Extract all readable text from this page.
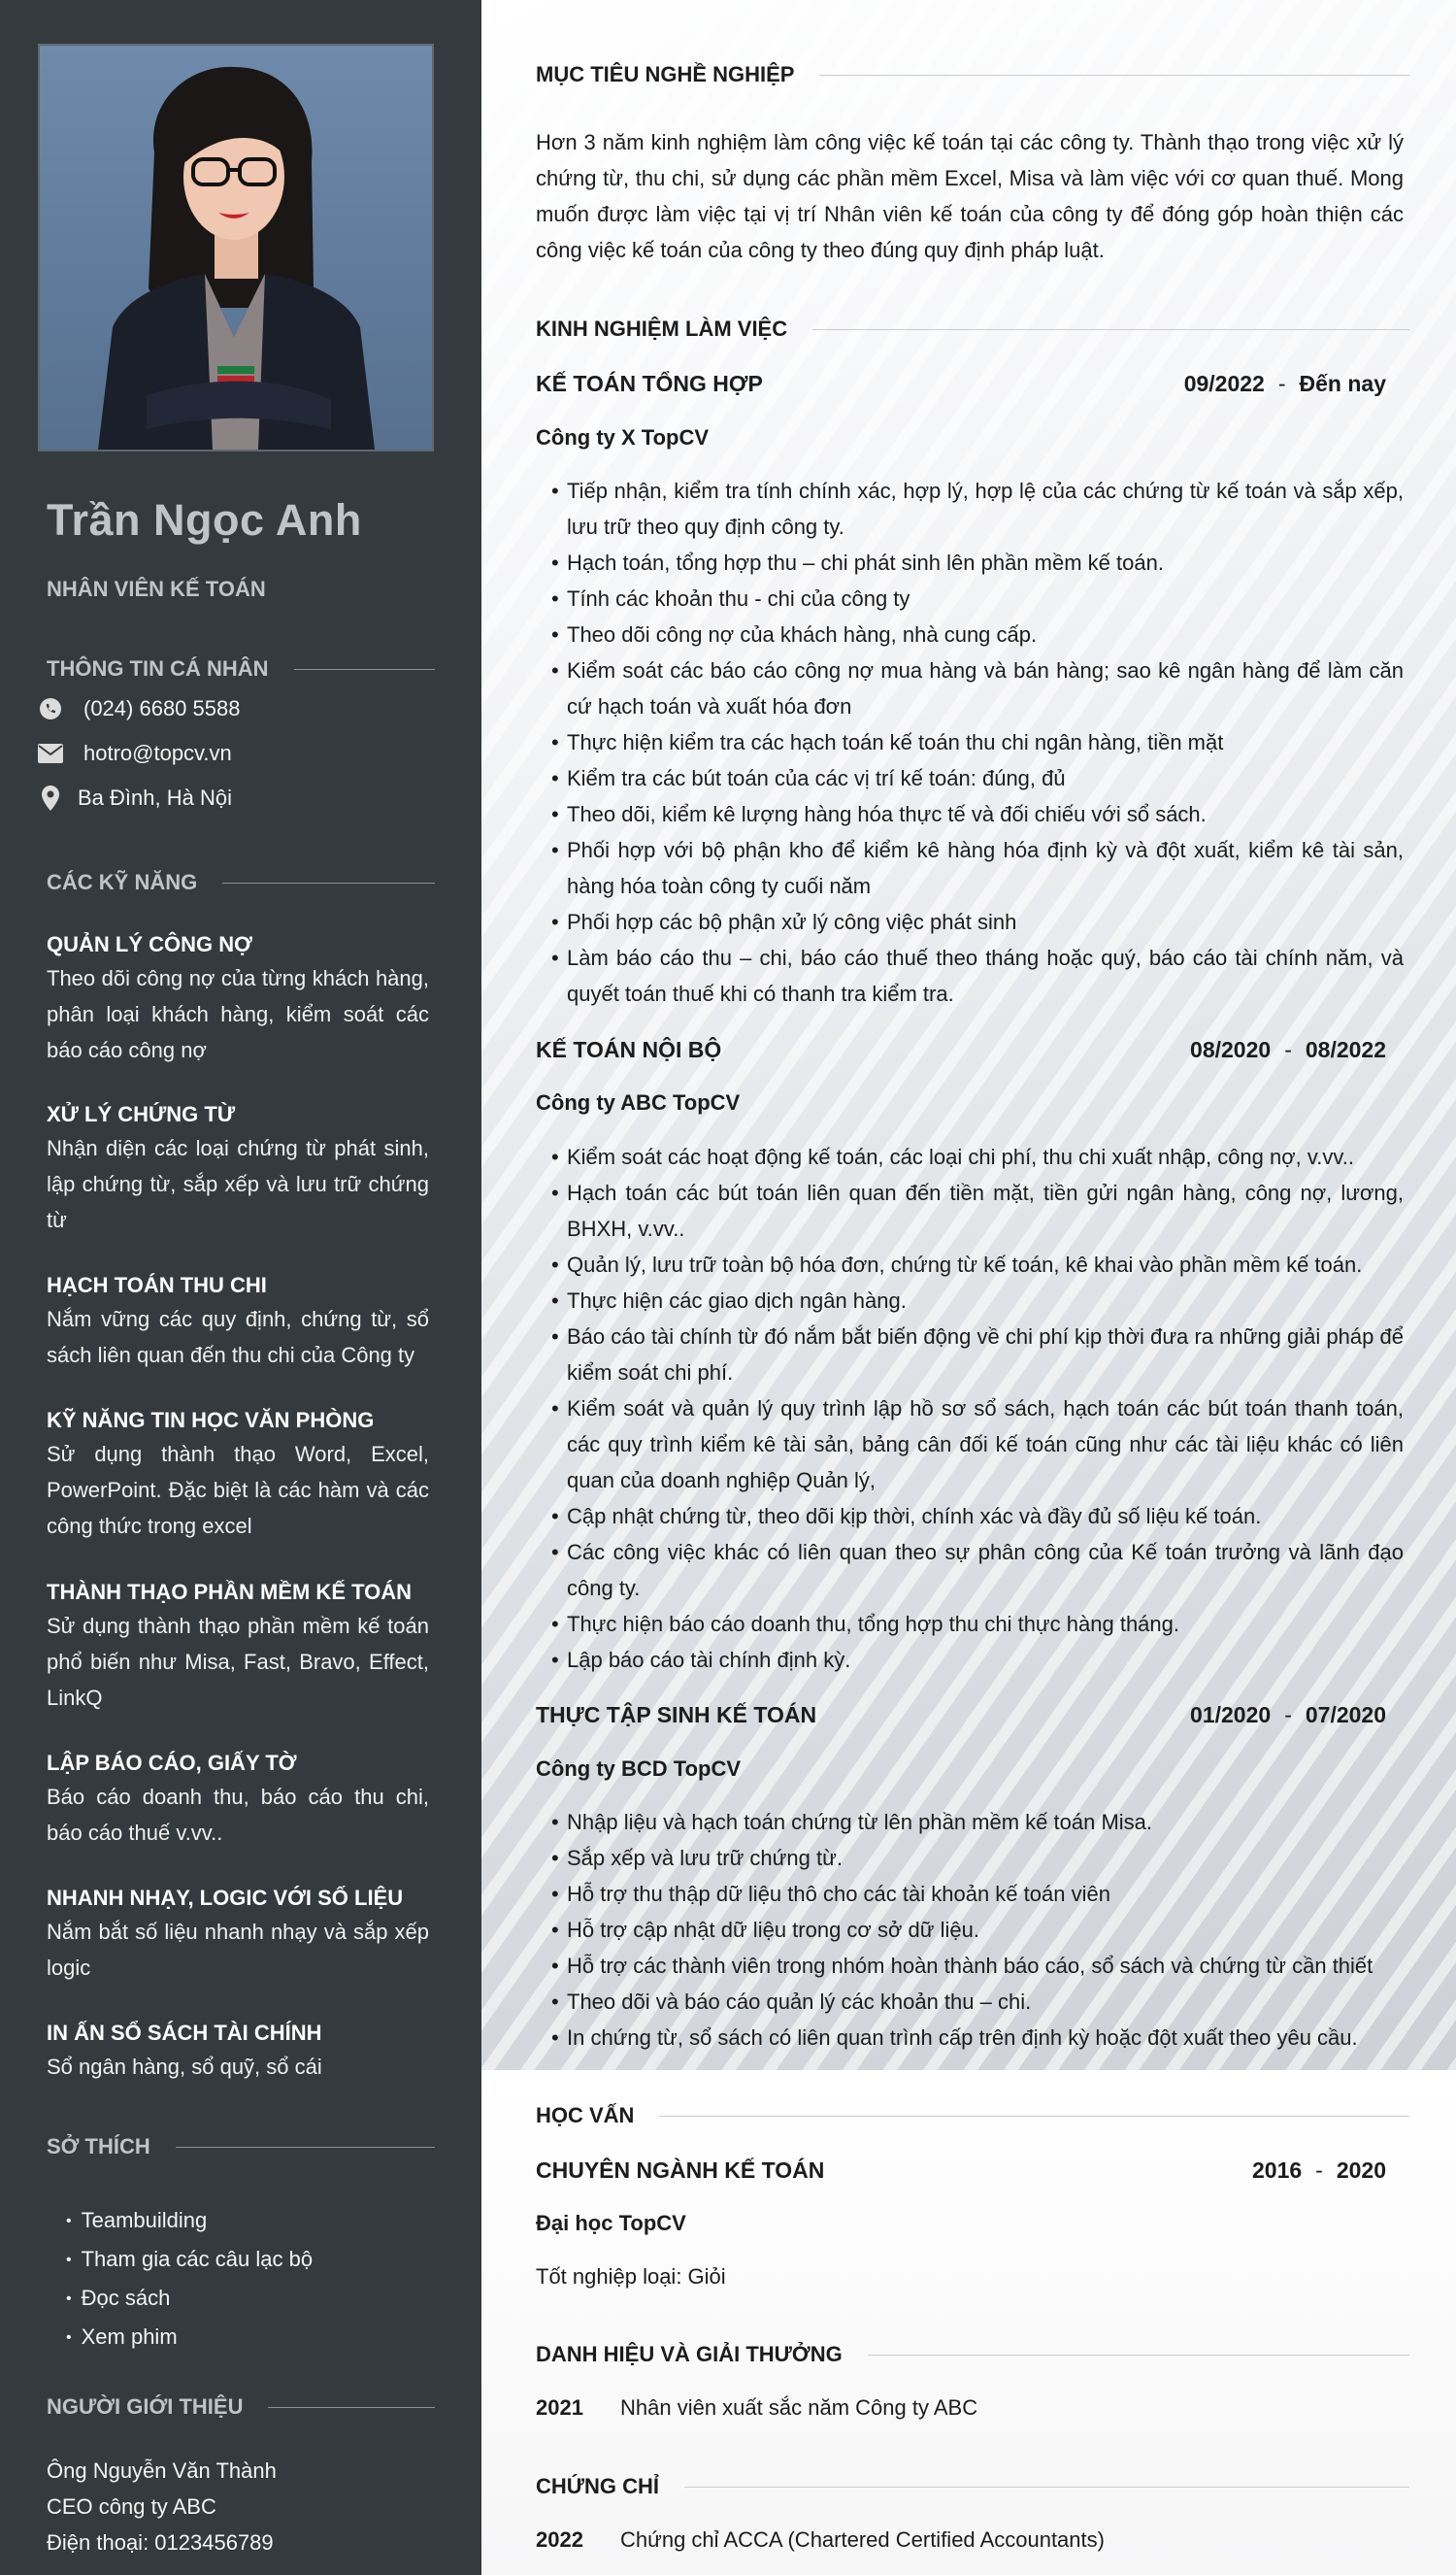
Trần Ngọc Anh
NHÂN VIÊN KẾ TOÁN
THÔNG TIN CÁ NHÂN
(024) 6680 5588
hotro@topcv.vn
Ba Đình, Hà Nội
CÁC KỸ NĂNG
QUẢN LÝ CÔNG NỢ
Theo dõi công nợ của từng khách hàng, phân loại khách hàng, kiểm soát các báo cáo công nợ
XỬ LÝ CHỨNG TỪ
Nhận diện các loại chứng từ phát sinh, lập chứng từ, sắp xếp và lưu trữ chứng từ
HẠCH TOÁN THU CHI
Nắm vững các quy định, chứng từ, sổ sách liên quan đến thu chi của Công ty
KỸ NĂNG TIN HỌC VĂN PHÒNG
Sử dụng thành thạo Word, Excel, PowerPoint. Đặc biệt là các hàm và các công thức trong excel
THÀNH THẠO PHẦN MỀM KẾ TOÁN
Sử dụng thành thạo phần mềm kế toán phổ biến như Misa, Fast, Bravo, Effect, LinkQ
LẬP BÁO CÁO, GIẤY TỜ
Báo cáo doanh thu, báo cáo thu chi, báo cáo thuế v.vv..
NHANH NHẠY, LOGIC VỚI SỐ LIỆU
Nắm bắt số liệu nhanh nhạy và sắp xếp logic
IN ẤN SỔ SÁCH TÀI CHÍNH
Sổ ngân hàng, sổ quỹ, sổ cái
SỞ THÍCH
• Teambuilding
• Tham gia các câu lạc bộ
• Đọc sách
• Xem phim
NGƯỜI GIỚI THIỆU
Ông Nguyễn Văn Thành
CEO công ty ABC
Điện thoại: 0123456789
MỤC TIÊU NGHỀ NGHIỆP
Hơn 3 năm kinh nghiệm làm công việc kế toán tại các công ty. Thành thạo trong việc xử lý chứng từ, thu chi, sử dụng các phần mềm Excel, Misa và làm việc với cơ quan thuế. Mong muốn được làm việc tại vị trí Nhân viên kế toán của công ty để đóng góp hoàn thiện các công việc kế toán của công ty theo đúng quy định pháp luật.
KINH NGHIỆM LÀM VIỆC
KẾ TOÁN TỔNG HỢP	09/2022 - Đến nay
Công ty X TopCV
• Tiếp nhận, kiểm tra tính chính xác, hợp lý, hợp lệ của các chứng từ kế toán và sắp xếp, lưu trữ theo quy định công ty.
• Hạch toán, tổng hợp thu – chi phát sinh lên phần mềm kế toán.
• Tính các khoản thu - chi của công ty
• Theo dõi công nợ của khách hàng, nhà cung cấp.
• Kiểm soát các báo cáo công nợ mua hàng và bán hàng; sao kê ngân hàng để làm căn cứ hạch toán và xuất hóa đơn
• Thực hiện kiểm tra các hạch toán kế toán thu chi ngân hàng, tiền mặt
• Kiểm tra các bút toán của các vị trí kế toán: đúng, đủ
• Theo dõi, kiểm kê lượng hàng hóa thực tế và đối chiếu với sổ sách.
• Phối hợp với bộ phận kho để kiểm kê hàng hóa định kỳ và đột xuất, kiểm kê tài sản, hàng hóa toàn công ty cuối năm
• Phối hợp các bộ phận xử lý công việc phát sinh
• Làm báo cáo thu – chi, báo cáo thuế theo tháng hoặc quý, báo cáo tài chính năm, và quyết toán thuế khi có thanh tra kiểm tra.
KẾ TOÁN NỘI BỘ	08/2020 - 08/2022
Công ty ABC TopCV
• Kiểm soát các hoạt động kế toán, các loại chi phí, thu chi xuất nhập, công nợ, v.vv..
• Hạch toán các bút toán liên quan đến tiền mặt, tiền gửi ngân hàng, công nợ, lương, BHXH, v.vv..
• Quản lý, lưu trữ toàn bộ hóa đơn, chứng từ kế toán, kê khai vào phần mềm kế toán.
• Thực hiện các giao dịch ngân hàng.
• Báo cáo tài chính từ đó nắm bắt biến động về chi phí kịp thời đưa ra những giải pháp để kiểm soát chi phí.
• Kiểm soát và quản lý quy trình lập hồ sơ sổ sách, hạch toán các bút toán thanh toán, các quy trình kiểm kê tài sản, bảng cân đối kế toán cũng như các tài liệu khác có liên quan của doanh nghiệp Quản lý,
• Cập nhật chứng từ, theo dõi kịp thời, chính xác và đầy đủ số liệu kế toán.
• Các công việc khác có liên quan theo sự phân công của Kế toán trưởng và lãnh đạo công ty.
• Thực hiện báo cáo doanh thu, tổng hợp thu chi thực hàng tháng.
• Lập báo cáo tài chính định kỳ.
THỰC TẬP SINH KẾ TOÁN	01/2020 - 07/2020
Công ty BCD TopCV
• Nhập liệu và hạch toán chứng từ lên phần mềm kế toán Misa.
• Sắp xếp và lưu trữ chứng từ.
• Hỗ trợ thu thập dữ liệu thô cho các tài khoản kế toán viên
• Hỗ trợ cập nhật dữ liệu trong cơ sở dữ liệu.
• Hỗ trợ các thành viên trong nhóm hoàn thành báo cáo, sổ sách và chứng từ cần thiết
• Theo dõi và báo cáo quản lý các khoản thu – chi.
• In chứng từ, sổ sách có liên quan trình cấp trên định kỳ hoặc đột xuất theo yêu cầu.
HỌC VẤN
CHUYÊN NGÀNH KẾ TOÁN	2016 - 2020
Đại học TopCV
Tốt nghiệp loại: Giỏi
DANH HIỆU VÀ GIẢI THƯỞNG
2021	Nhân viên xuất sắc năm Công ty ABC
CHỨNG CHỈ
2022	Chứng chỉ ACCA (Chartered Certified Accountants)
